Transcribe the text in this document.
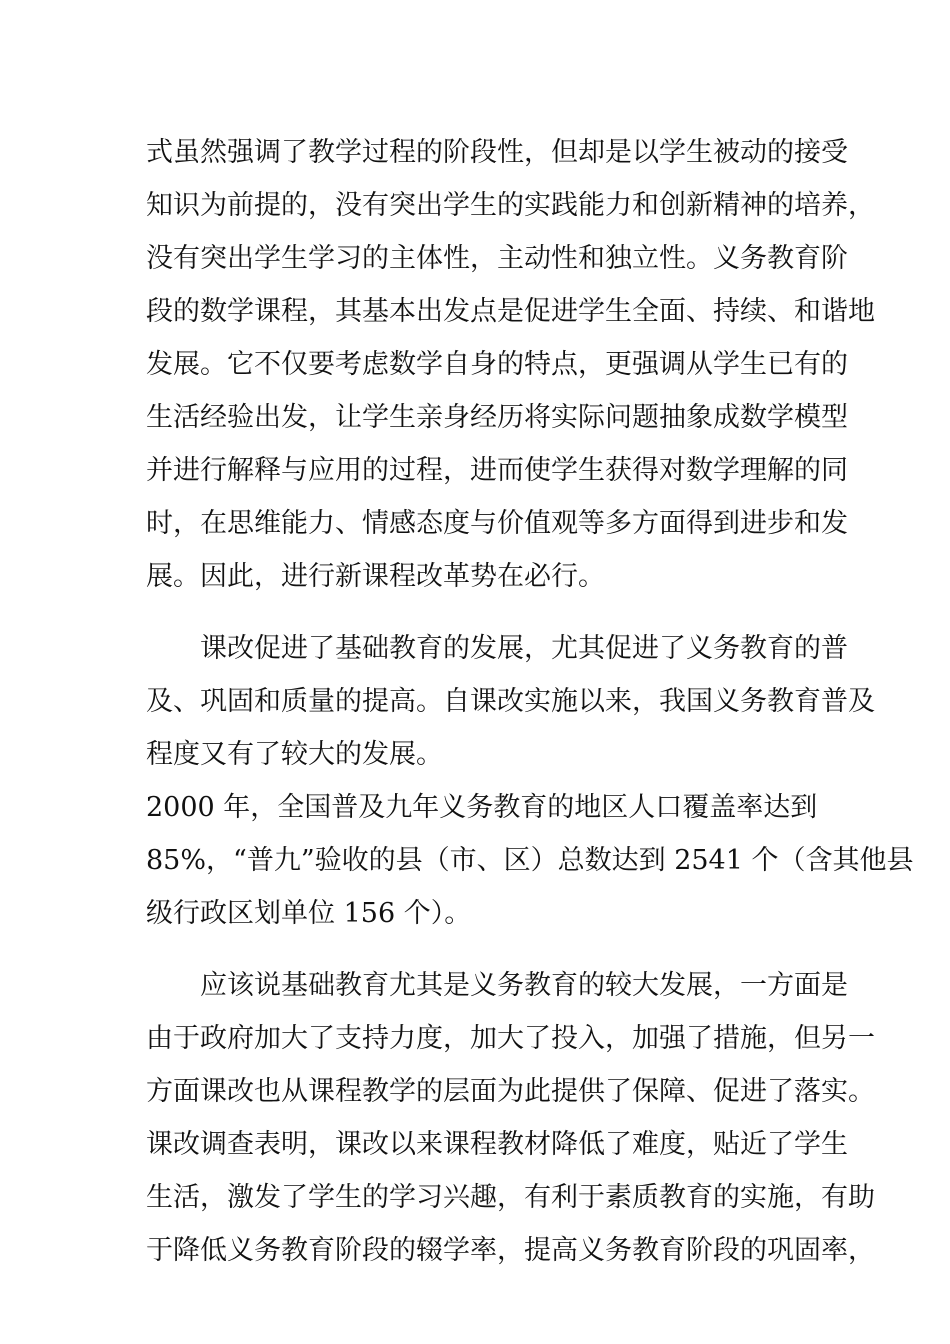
式虽然强调了教学过程的阶段性，但却是以学生被动的接受
知识为前提的，没有突出学生的实践能力和创新精神的培养，
没有突出学生学习的主体性，主动性和独立性。义务教育阶
段的数学课程，其基本出发点是促进学生全面、持续、和谐地
发展。它不仅要考虑数学自身的特点，更强调从学生已有的
生活经验出发，让学生亲身经历将实际问题抽象成数学模型
并进行解释与应用的过程，进而使学生获得对数学理解的同
时，在思维能力、情感态度与价值观等多方面得到进步和发
展。因此，进行新课程改革势在必行。
　　课改促进了基础教育的发展，尤其促进了义务教育的普
及、巩固和质量的提高。自课改实施以来，我国义务教育普及
程度又有了较大的发展。
2000 年，全国普及九年义务教育的地区人口覆盖率达到
85%，“普九”验收的县（市、区）总数达到 2541 个（含其他县
级行政区划单位 156 个）。
　　应该说基础教育尤其是义务教育的较大发展，一方面是
由于政府加大了支持力度，加大了投入，加强了措施，但另一
方面课改也从课程教学的层面为此提供了保障、促进了落实。
课改调查表明，课改以来课程教材降低了难度，贴近了学生
生活，激发了学生的学习兴趣，有利于素质教育的实施，有助
于降低义务教育阶段的辍学率，提高义务教育阶段的巩固率，
